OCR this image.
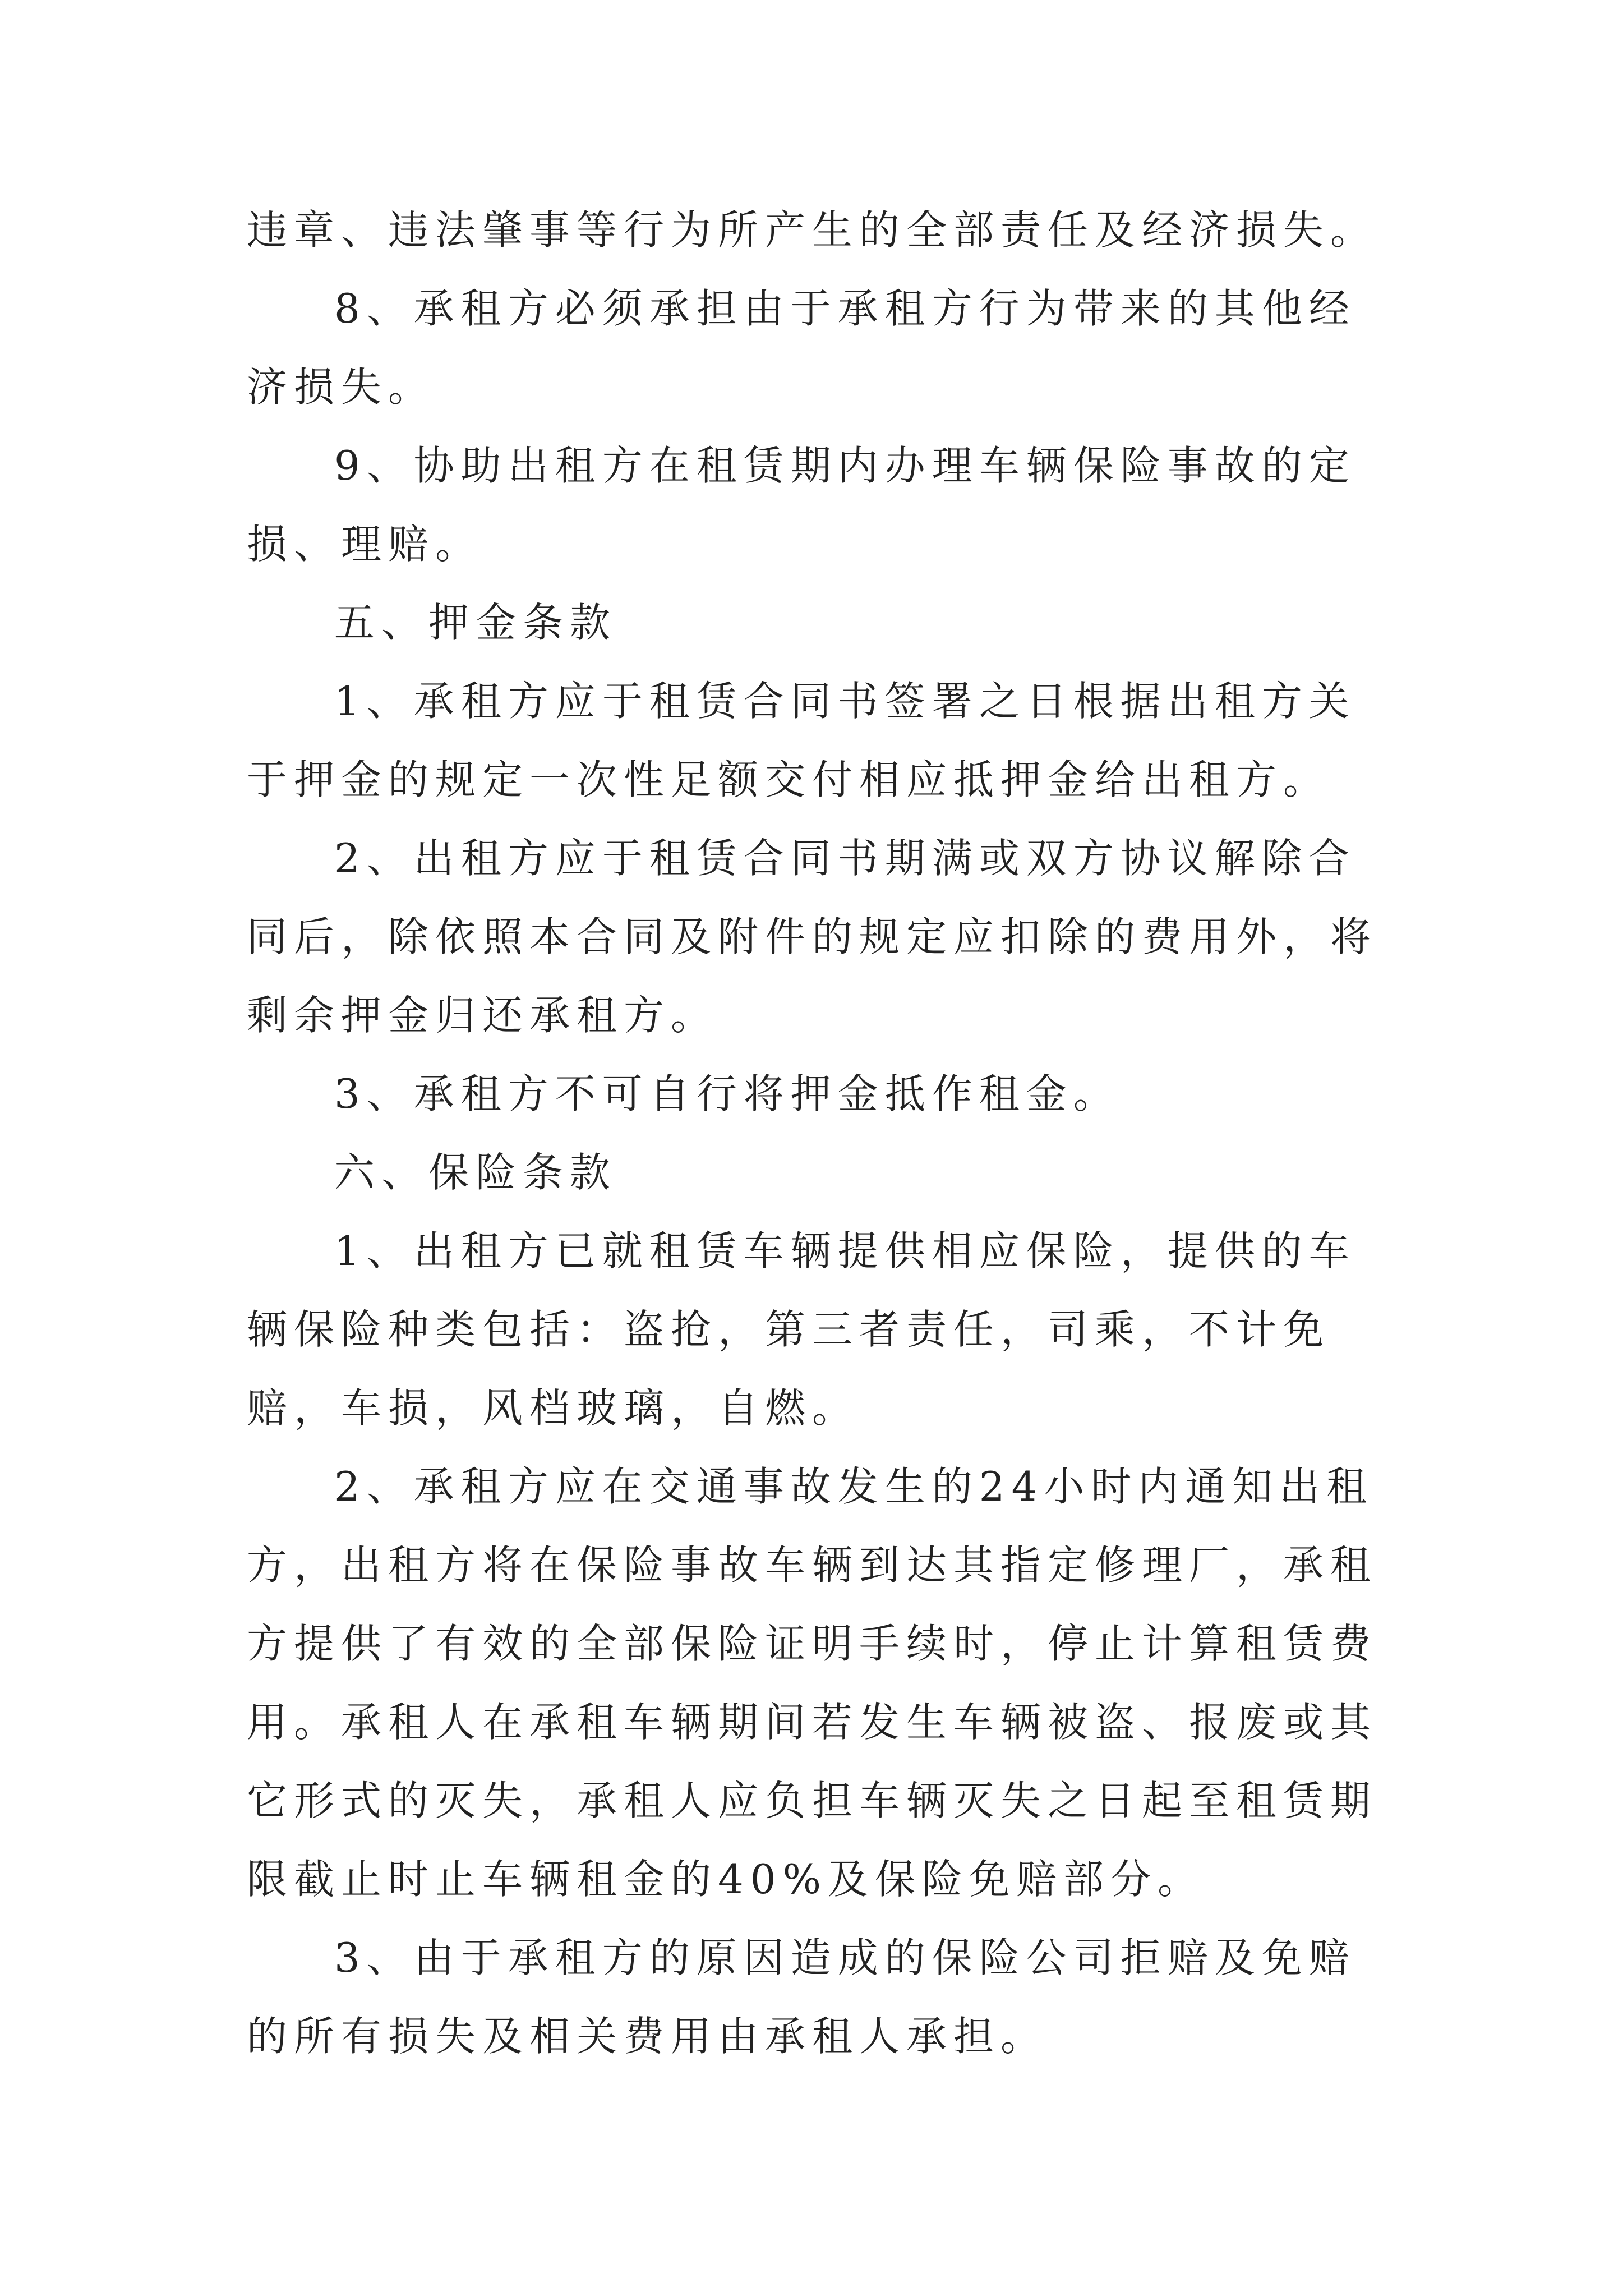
违章、违法肇事等行为所产生的全部责任及经济损失。

8、承租方必须承担由于承租方行为带来的其他经济损失。

9、协助出租方在租赁期内办理车辆保险事故的定损、理赔。

五、押金条款

1、承租方应于租赁合同书签署之日根据出租方关于押金的规定一次性足额交付相应抵押金给出租方。

2、出租方应于租赁合同书期满或双方协议解除合同后，除依照本合同及附件的规定应扣除的费用外，将剩余押金归还承租方。

3、承租方不可自行将押金抵作租金。

六、保险条款

1、出租方已就租赁车辆提供相应保险，提供的车辆保险种类包括：盗抢，第三者责任，司乘，不计免赔，车损，风档玻璃，自燃。

2、承租方应在交通事故发生的24小时内通知出租方，出租方将在保险事故车辆到达其指定修理厂，承租方提供了有效的全部保险证明手续时，停止计算租赁费用。承租人在承租车辆期间若发生车辆被盗、报废或其它形式的灭失，承租人应负担车辆灭失之日起至租赁期限截止时止车辆租金的40%及保险免赔部分。

3、由于承租方的原因造成的保险公司拒赔及免赔的所有损失及相关费用由承租人承担。
